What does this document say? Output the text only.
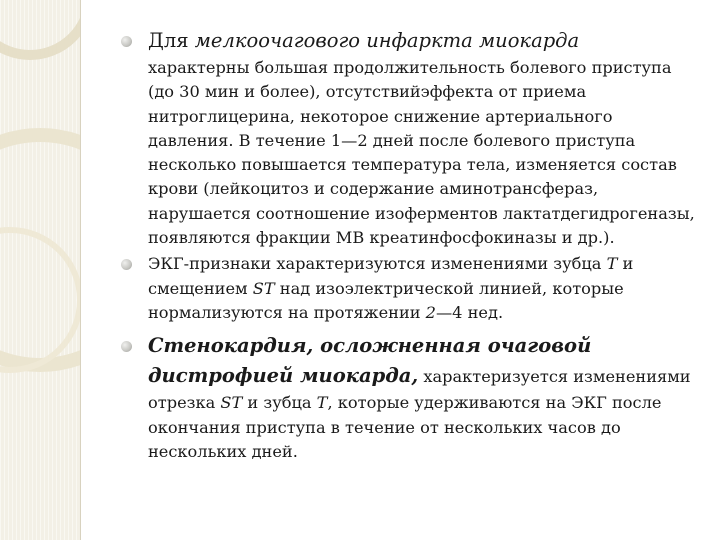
Для мелкоочагового инфаркта миокарда

характерны большая продолжительность болевого приступа (до 30 мин и более), отсутствийэффекта от приема нитроглицерина, некоторое снижение артериального давления. В течение 1—2 дней после болевого приступа несколько повышается температура тела, изменяется состав крови (лейкоцитоз и содержание аминотрансфераз, нарушается соотношение изоферментов лактатдегидрогеназы, появляются фракции МВ креатинфосфокиназы и др.).

ЭКГ-признаки характеризуются изменениями зубца T и смещением ST над изоэлектрической линией, которые нормализуются на протяжении 2—4 нед.

Стенокардия, осложненная очаговой дистрофией миокарда, характеризуется изменениями отрезка ST и зубца Т, которые удерживаются на ЭКГ после окончания приступа в течение от нескольких часов до нескольких дней.
